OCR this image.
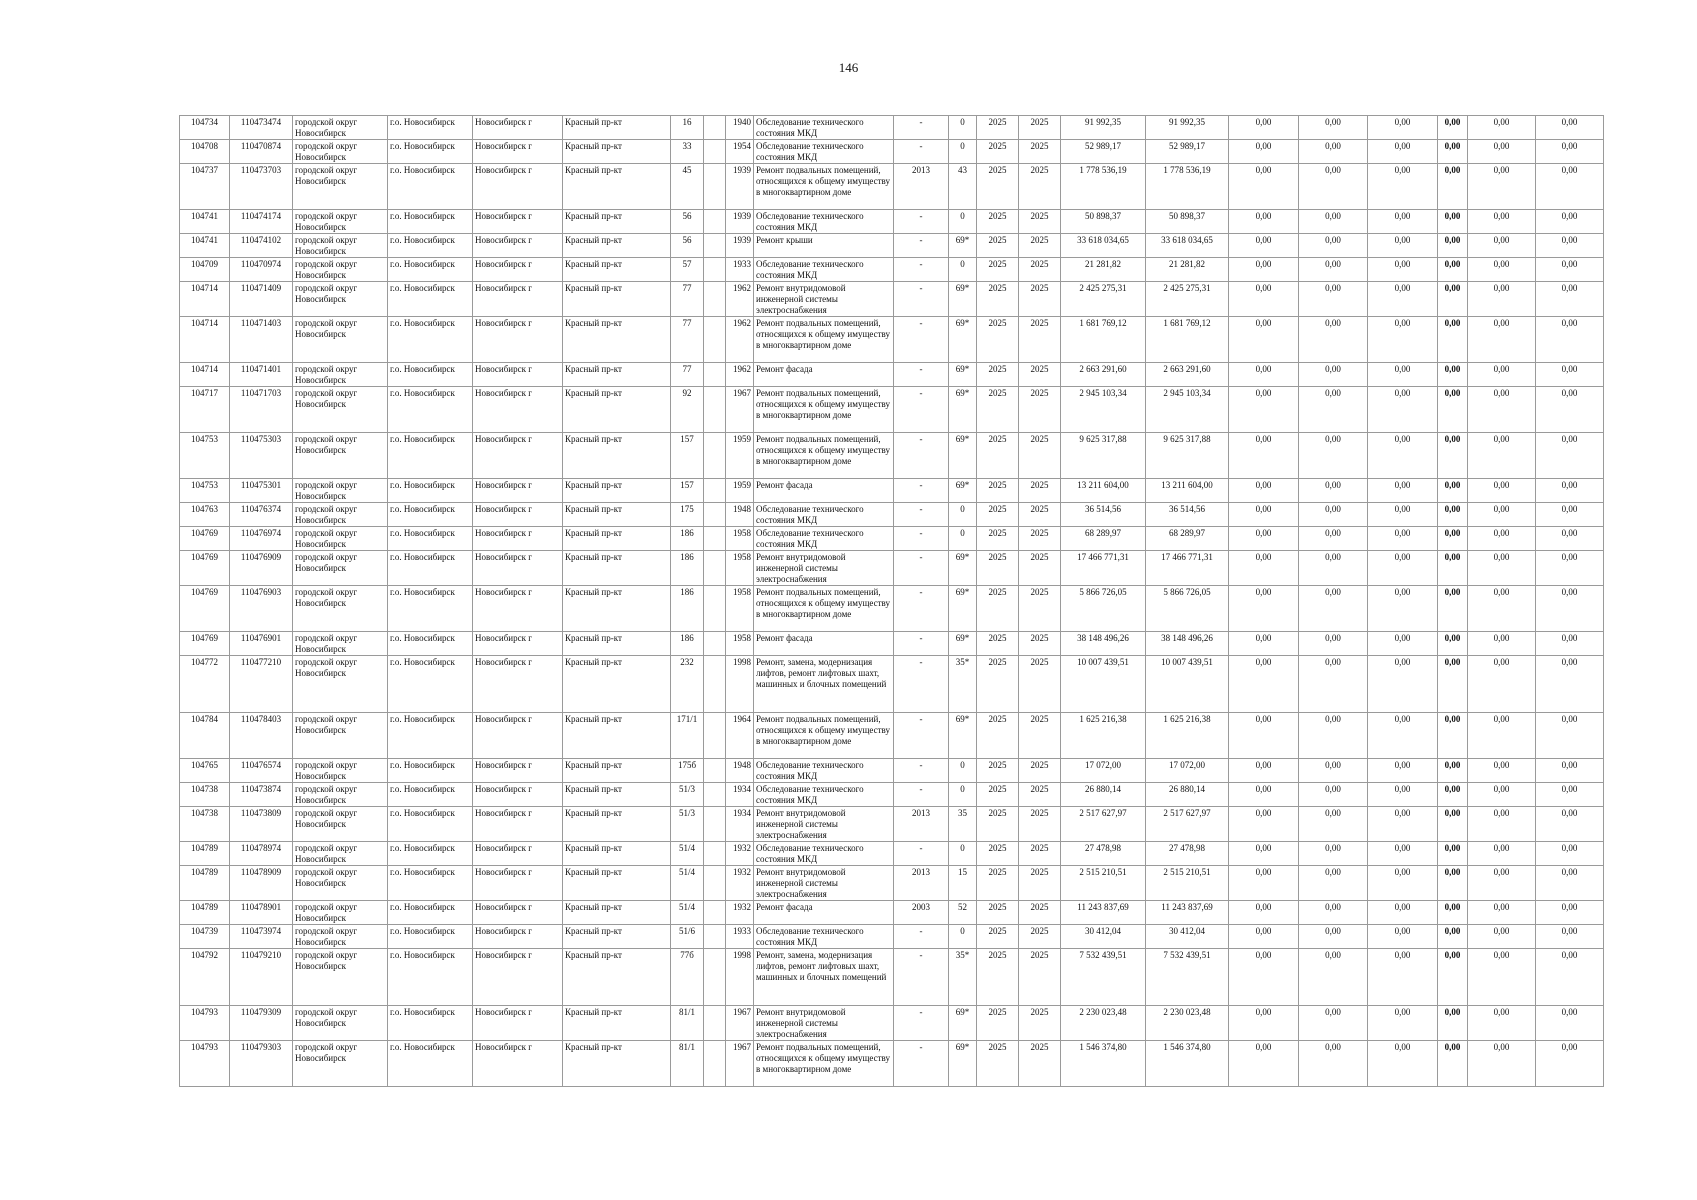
146
104734	110473474	городской округ Новосибирск	г.о. Новосибирск	Новосибирск г	Красный пр-кт	16		1940	Обследование технического состояния МКД	-	0	2025	2025	91 992,35	91 992,35	0,00	0,00	0,00	0,00	0,00	0,00
104708	110470874	городской округ Новосибирск	г.о. Новосибирск	Новосибирск г	Красный пр-кт	33		1954	Обследование технического состояния МКД	-	0	2025	2025	52 989,17	52 989,17	0,00	0,00	0,00	0,00	0,00	0,00
104737	110473703	городской округ Новосибирск	г.о. Новосибирск	Новосибирск г	Красный пр-кт	45		1939	Ремонт подвальных помещений, относящихся к общему имуществу в многоквартирном доме	2013	43	2025	2025	1 778 536,19	1 778 536,19	0,00	0,00	0,00	0,00	0,00	0,00
104741	110474174	городской округ Новосибирск	г.о. Новосибирск	Новосибирск г	Красный пр-кт	56		1939	Обследование технического состояния МКД	-	0	2025	2025	50 898,37	50 898,37	0,00	0,00	0,00	0,00	0,00	0,00
104741	110474102	городской округ Новосибирск	г.о. Новосибирск	Новосибирск г	Красный пр-кт	56		1939	Ремонт крыши	-	69*	2025	2025	33 618 034,65	33 618 034,65	0,00	0,00	0,00	0,00	0,00	0,00
104709	110470974	городской округ Новосибирск	г.о. Новосибирск	Новосибирск г	Красный пр-кт	57		1933	Обследование технического состояния МКД	-	0	2025	2025	21 281,82	21 281,82	0,00	0,00	0,00	0,00	0,00	0,00
104714	110471409	городской округ Новосибирск	г.о. Новосибирск	Новосибирск г	Красный пр-кт	77		1962	Ремонт внутридомовой инженерной системы электроснабжения	-	69*	2025	2025	2 425 275,31	2 425 275,31	0,00	0,00	0,00	0,00	0,00	0,00
104714	110471403	городской округ Новосибирск	г.о. Новосибирск	Новосибирск г	Красный пр-кт	77		1962	Ремонт подвальных помещений, относящихся к общему имуществу в многоквартирном доме	-	69*	2025	2025	1 681 769,12	1 681 769,12	0,00	0,00	0,00	0,00	0,00	0,00
104714	110471401	городской округ Новосибирск	г.о. Новосибирск	Новосибирск г	Красный пр-кт	77		1962	Ремонт фасада	-	69*	2025	2025	2 663 291,60	2 663 291,60	0,00	0,00	0,00	0,00	0,00	0,00
104717	110471703	городской округ Новосибирск	г.о. Новосибирск	Новосибирск г	Красный пр-кт	92		1967	Ремонт подвальных помещений, относящихся к общему имуществу в многоквартирном доме	-	69*	2025	2025	2 945 103,34	2 945 103,34	0,00	0,00	0,00	0,00	0,00	0,00
104753	110475303	городской округ Новосибирск	г.о. Новосибирск	Новосибирск г	Красный пр-кт	157		1959	Ремонт подвальных помещений, относящихся к общему имуществу в многоквартирном доме	-	69*	2025	2025	9 625 317,88	9 625 317,88	0,00	0,00	0,00	0,00	0,00	0,00
104753	110475301	городской округ Новосибирск	г.о. Новосибирск	Новосибирск г	Красный пр-кт	157		1959	Ремонт фасада	-	69*	2025	2025	13 211 604,00	13 211 604,00	0,00	0,00	0,00	0,00	0,00	0,00
104763	110476374	городской округ Новосибирск	г.о. Новосибирск	Новосибирск г	Красный пр-кт	175		1948	Обследование технического состояния МКД	-	0	2025	2025	36 514,56	36 514,56	0,00	0,00	0,00	0,00	0,00	0,00
104769	110476974	городской округ Новосибирск	г.о. Новосибирск	Новосибирск г	Красный пр-кт	186		1958	Обследование технического состояния МКД	-	0	2025	2025	68 289,97	68 289,97	0,00	0,00	0,00	0,00	0,00	0,00
104769	110476909	городской округ Новосибирск	г.о. Новосибирск	Новосибирск г	Красный пр-кт	186		1958	Ремонт внутридомовой инженерной системы электроснабжения	-	69*	2025	2025	17 466 771,31	17 466 771,31	0,00	0,00	0,00	0,00	0,00	0,00
104769	110476903	городской округ Новосибирск	г.о. Новосибирск	Новосибирск г	Красный пр-кт	186		1958	Ремонт подвальных помещений, относящихся к общему имуществу в многоквартирном доме	-	69*	2025	2025	5 866 726,05	5 866 726,05	0,00	0,00	0,00	0,00	0,00	0,00
104769	110476901	городской округ Новосибирск	г.о. Новосибирск	Новосибирск г	Красный пр-кт	186		1958	Ремонт фасада	-	69*	2025	2025	38 148 496,26	38 148 496,26	0,00	0,00	0,00	0,00	0,00	0,00
104772	110477210	городской округ Новосибирск	г.о. Новосибирск	Новосибирск г	Красный пр-кт	232		1998	Ремонт, замена, модернизация лифтов, ремонт лифтовых шахт, машинных и блочных помещений	-	35*	2025	2025	10 007 439,51	10 007 439,51	0,00	0,00	0,00	0,00	0,00	0,00
104784	110478403	городской округ Новосибирск	г.о. Новосибирск	Новосибирск г	Красный пр-кт	171/1		1964	Ремонт подвальных помещений, относящихся к общему имуществу в многоквартирном доме	-	69*	2025	2025	1 625 216,38	1 625 216,38	0,00	0,00	0,00	0,00	0,00	0,00
104765	110476574	городской округ Новосибирск	г.о. Новосибирск	Новосибирск г	Красный пр-кт	175б		1948	Обследование технического состояния МКД	-	0	2025	2025	17 072,00	17 072,00	0,00	0,00	0,00	0,00	0,00	0,00
104738	110473874	городской округ Новосибирск	г.о. Новосибирск	Новосибирск г	Красный пр-кт	51/3		1934	Обследование технического состояния МКД	-	0	2025	2025	26 880,14	26 880,14	0,00	0,00	0,00	0,00	0,00	0,00
104738	110473809	городской округ Новосибирск	г.о. Новосибирск	Новосибирск г	Красный пр-кт	51/3		1934	Ремонт внутридомовой инженерной системы электроснабжения	2013	35	2025	2025	2 517 627,97	2 517 627,97	0,00	0,00	0,00	0,00	0,00	0,00
104789	110478974	городской округ Новосибирск	г.о. Новосибирск	Новосибирск г	Красный пр-кт	51/4		1932	Обследование технического состояния МКД	-	0	2025	2025	27 478,98	27 478,98	0,00	0,00	0,00	0,00	0,00	0,00
104789	110478909	городской округ Новосибирск	г.о. Новосибирск	Новосибирск г	Красный пр-кт	51/4		1932	Ремонт внутридомовой инженерной системы электроснабжения	2013	15	2025	2025	2 515 210,51	2 515 210,51	0,00	0,00	0,00	0,00	0,00	0,00
104789	110478901	городской округ Новосибирск	г.о. Новосибирск	Новосибирск г	Красный пр-кт	51/4		1932	Ремонт фасада	2003	52	2025	2025	11 243 837,69	11 243 837,69	0,00	0,00	0,00	0,00	0,00	0,00
104739	110473974	городской округ Новосибирск	г.о. Новосибирск	Новосибирск г	Красный пр-кт	51/6		1933	Обследование технического состояния МКД	-	0	2025	2025	30 412,04	30 412,04	0,00	0,00	0,00	0,00	0,00	0,00
104792	110479210	городской округ Новосибирск	г.о. Новосибирск	Новосибирск г	Красный пр-кт	77б		1998	Ремонт, замена, модернизация лифтов, ремонт лифтовых шахт, машинных и блочных помещений	-	35*	2025	2025	7 532 439,51	7 532 439,51	0,00	0,00	0,00	0,00	0,00	0,00
104793	110479309	городской округ Новосибирск	г.о. Новосибирск	Новосибирск г	Красный пр-кт	81/1		1967	Ремонт внутридомовой инженерной системы электроснабжения	-	69*	2025	2025	2 230 023,48	2 230 023,48	0,00	0,00	0,00	0,00	0,00	0,00
104793	110479303	городской округ Новосибирск	г.о. Новосибирск	Новосибирск г	Красный пр-кт	81/1		1967	Ремонт подвальных помещений, относящихся к общему имуществу в многоквартирном доме	-	69*	2025	2025	1 546 374,80	1 546 374,80	0,00	0,00	0,00	0,00	0,00	0,00
